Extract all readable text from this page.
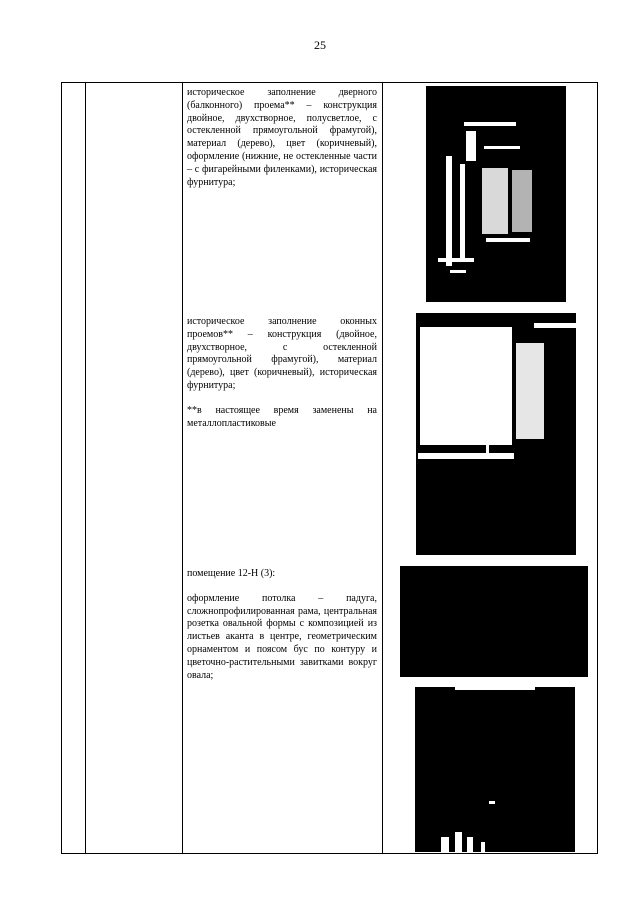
25

историческое заполнение дверного (балконного) проема** – конструкция двойное, двухстворное, полусветлое, с остекленной прямоугольной фрамугой), материал (дерево), цвет (коричневый), оформление (нижние, не остекленные части – с фигарейными филенками), историческая фурнитура;

историческое заполнение оконных проемов** – конструкция (двойное, двухстворное, с остекленной прямоугольной фрамугой), материал (дерево), цвет (коричневый), историческая фурнитура;

**в настоящее время заменены на металлопластиковые

помещение 12-Н (3):

оформление потолка – падуга, сложнопрофилированная рама, центральная розетка овальной формы с композицией из листьев аканта в центре, геометрическим орнаментом и поясом бус по контуру и цветочно-растительными завитками вокруг овала;
